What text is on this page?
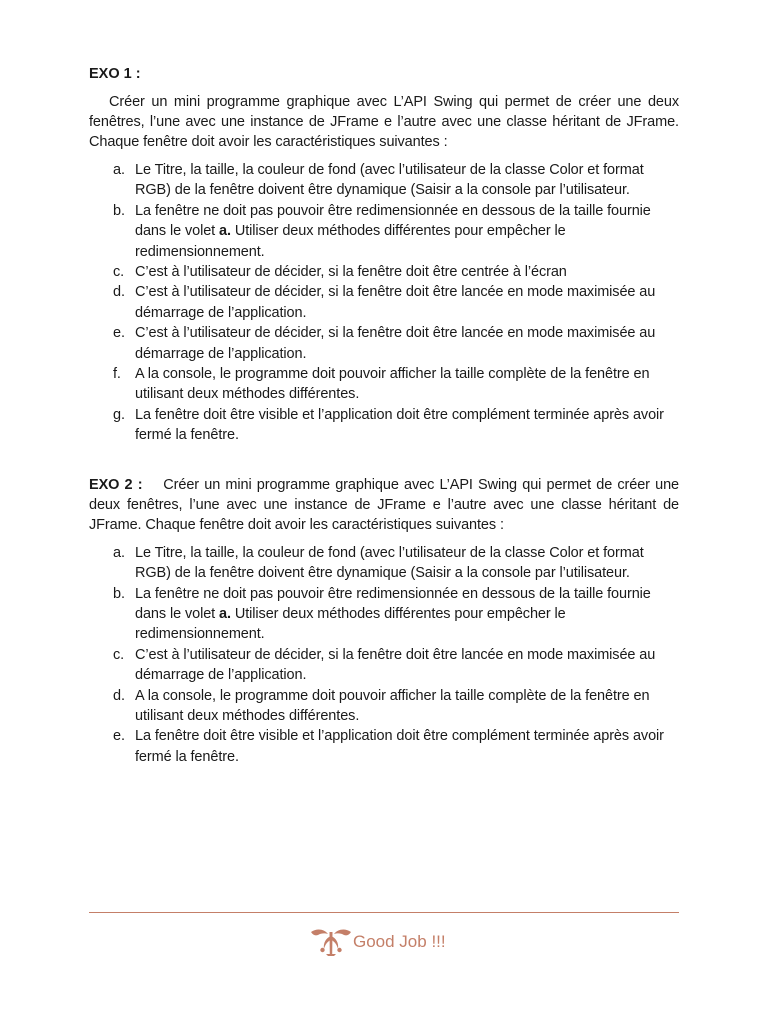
EXO 1 :

Créer un mini programme graphique avec L’API Swing qui permet de créer une deux fenêtres, l’une avec une instance de JFrame e l’autre avec une classe héritant de JFrame. Chaque fenêtre doit avoir les caractéristiques suivantes :

a. Le Titre, la taille, la couleur de fond (avec l’utilisateur de la classe Color et format RGB) de la fenêtre doivent être dynamique (Saisir a la console par l’utilisateur.
b. La fenêtre ne doit pas pouvoir être redimensionnée en dessous de la taille fournie dans le volet a. Utiliser deux méthodes différentes pour empêcher le redimensionnement.
c. C’est à l’utilisateur de décider, si la fenêtre doit être centrée à l’écran
d. C’est à l’utilisateur de décider, si la fenêtre doit être lancée en mode maximisée au démarrage de l’application.
e. C’est à l’utilisateur de décider, si la fenêtre doit être lancée en mode maximisée au démarrage de l’application.
f. A la console, le programme doit pouvoir afficher la taille complète de la fenêtre en utilisant deux méthodes différentes.
g. La fenêtre doit être visible et l’application doit être complément terminée après avoir fermé la fenêtre.

EXO 2 : Créer un mini programme graphique avec L’API Swing qui permet de créer une deux fenêtres, l’une avec une instance de JFrame e l’autre avec une classe héritant de JFrame. Chaque fenêtre doit avoir les caractéristiques suivantes :

a. Le Titre, la taille, la couleur de fond (avec l’utilisateur de la classe Color et format RGB) de la fenêtre doivent être dynamique (Saisir a la console par l’utilisateur.
b. La fenêtre ne doit pas pouvoir être redimensionnée en dessous de la taille fournie dans le volet a. Utiliser deux méthodes différentes pour empêcher le redimensionnement.
c. C’est à l’utilisateur de décider, si la fenêtre doit être lancée en mode maximisée au démarrage de l’application.
d. A la console, le programme doit pouvoir afficher la taille complète de la fenêtre en utilisant deux méthodes différentes.
e. La fenêtre doit être visible et l’application doit être complément terminée après avoir fermé la fenêtre.
Good Job !!!
